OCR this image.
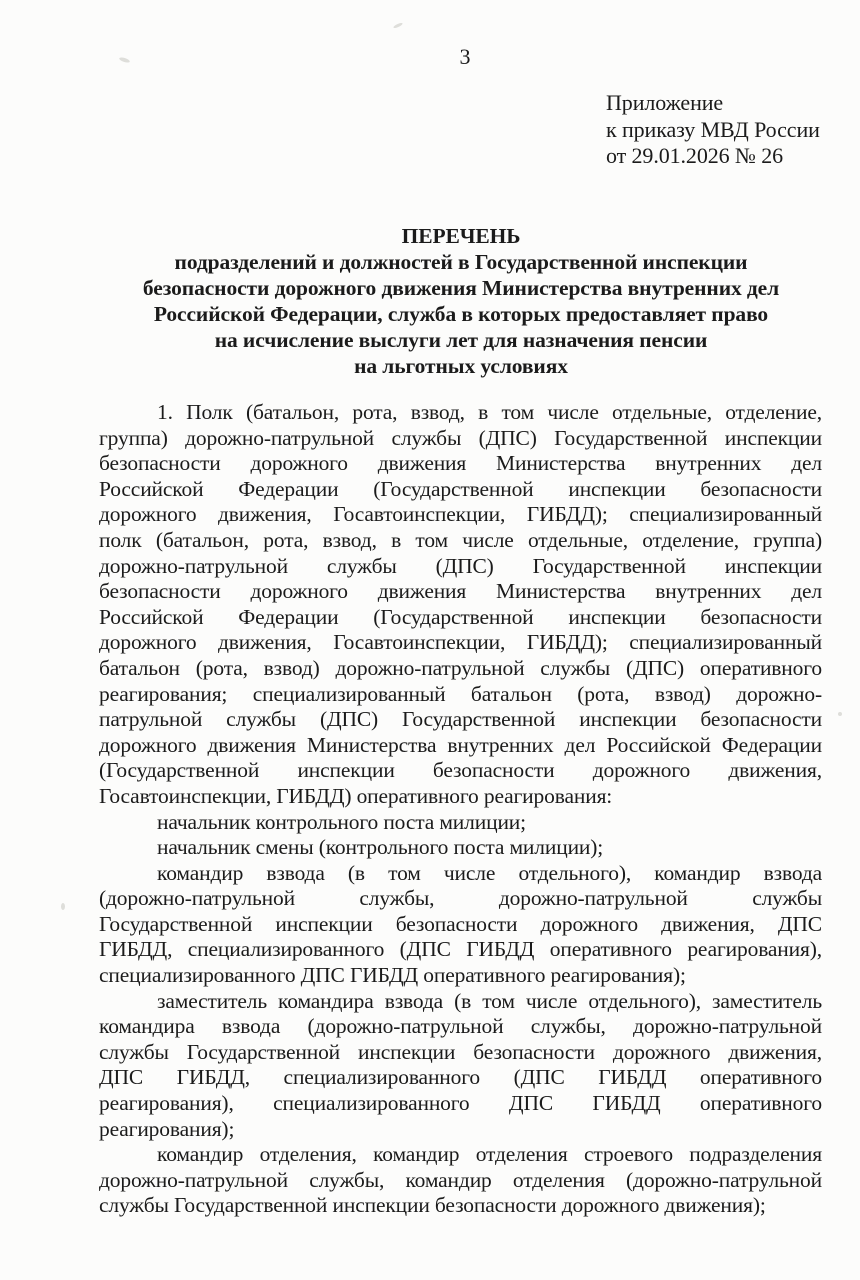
3
Приложение
к приказу МВД России
от 29.01.2026 № 26
ПЕРЕЧЕНЬ
подразделений и должностей в Государственной инспекции
безопасности дорожного движения Министерства внутренних дел
Российской Федерации, служба в которых предоставляет право
на исчисление выслуги лет для назначения пенсии
на льготных условиях
1. Полк (батальон, рота, взвод, в том числе отдельные, отделение,
группа) дорожно-патрульной службы (ДПС) Государственной инспекции
безопасности дорожного движения Министерства внутренних дел
Российской Федерации (Государственной инспекции безопасности
дорожного движения, Госавтоинспекции, ГИБДД); специализированный
полк (батальон, рота, взвод, в том числе отдельные, отделение, группа)
дорожно-патрульной службы (ДПС) Государственной инспекции
безопасности дорожного движения Министерства внутренних дел
Российской Федерации (Государственной инспекции безопасности
дорожного движения, Госавтоинспекции, ГИБДД); специализированный
батальон (рота, взвод) дорожно-патрульной службы (ДПС) оперативного
реагирования; специализированный батальон (рота, взвод) дорожно-
патрульной службы (ДПС) Государственной инспекции безопасности
дорожного движения Министерства внутренних дел Российской Федерации
(Государственной инспекции безопасности дорожного движения,
Госавтоинспекции, ГИБДД) оперативного реагирования:
начальник контрольного поста милиции;
начальник смены (контрольного поста милиции);
командир взвода (в том числе отдельного), командир взвода
(дорожно-патрульной службы, дорожно-патрульной службы
Государственной инспекции безопасности дорожного движения, ДПС
ГИБДД, специализированного (ДПС ГИБДД оперативного реагирования),
специализированного ДПС ГИБДД оперативного реагирования);
заместитель командира взвода (в том числе отдельного), заместитель
командира взвода (дорожно-патрульной службы, дорожно-патрульной
службы Государственной инспекции безопасности дорожного движения,
ДПС ГИБДД, специализированного (ДПС ГИБДД оперативного
реагирования), специализированного ДПС ГИБДД оперативного
реагирования);
командир отделения, командир отделения строевого подразделения
дорожно-патрульной службы, командир отделения (дорожно-патрульной
службы Государственной инспекции безопасности дорожного движения);
